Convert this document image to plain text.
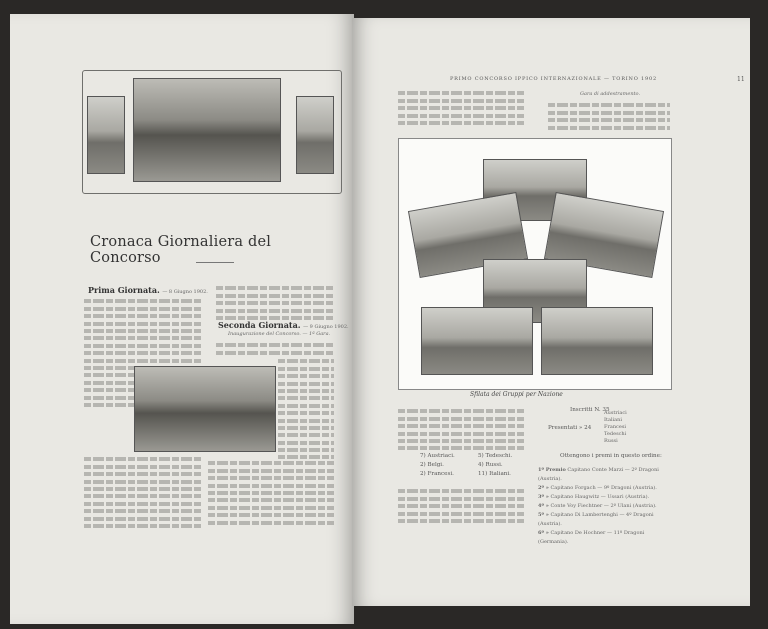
Cronaca Giornaliera del Concorso
Prima Giornata. — 8 Giugno 1902.
Seconda Giornata. — 9 Giugno 1902.
Inaugurazione del Concorso. — 1ª Gara.
PRIMO CONCORSO IPPICO INTERNAZIONALE — TORINO 1902	11
Gara di addestramento.
Sfilata dei Gruppi per Nazione
7) Austriaci.
2) Belgi.
2) Francesi.
5) Tedeschi.
4) Russi.
11) Italiani.
Inscritti N. 35
Presentati » 24
Austriaci
Italiani
Francesi
Tedeschi
Russi
Ottengono i premi in questo ordine:
1º Premio Capitano Conte Marzi — 2º Dragoni (Austria).
2º » Capitano Forgach — 9º Dragoni (Austria).
3º » Capitano Haugwitz — Ussari (Austria).
4º » Conte Voy Fiechtner — 2º Ulani (Austria).
5º » Capitano Di Lambertenghi — 4º Dragoni (Austria).
6º » Capitano De Hochner — 11º Dragoni (Germania).
